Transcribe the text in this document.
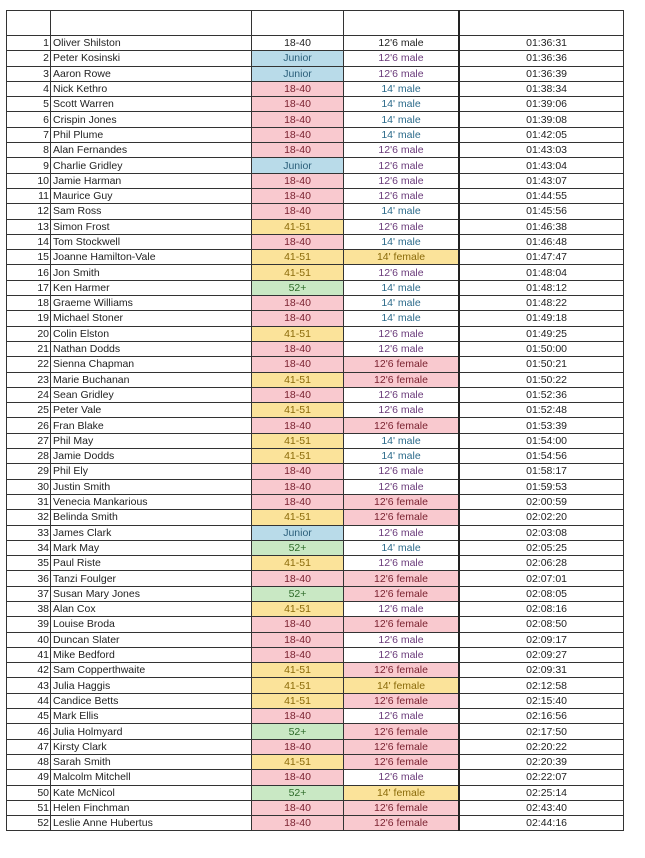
1	Oliver Shilston	18-40	12'6 male	01:36:31
2	Peter Kosinski	Junior	12'6 male	01:36:36
3	Aaron Rowe	Junior	12'6 male	01:36:39
4	Nick Kethro	18-40	14' male	01:38:34
5	Scott Warren	18-40	14' male	01:39:06
6	Crispin Jones	18-40	14' male	01:39:08
7	Phil Plume	18-40	14' male	01:42:05
8	Alan Fernandes	18-40	12'6 male	01:43:03
9	Charlie Gridley	Junior	12'6 male	01:43:04
10	Jamie Harman	18-40	12'6 male	01:43:07
11	Maurice Guy	18-40	12'6 male	01:44:55
12	Sam Ross	18-40	14' male	01:45:56
13	Simon Frost	41-51	12'6 male	01:46:38
14	Tom Stockwell	18-40	14' male	01:46:48
15	Joanne Hamilton-Vale	41-51	14' female	01:47:47
16	Jon Smith	41-51	12'6 male	01:48:04
17	Ken Harmer	52+	14' male	01:48:12
18	Graeme Williams	18-40	14' male	01:48:22
19	Michael Stoner	18-40	14' male	01:49:18
20	Colin Elston	41-51	12'6 male	01:49:25
21	Nathan Dodds	18-40	12'6 male	01:50:00
22	Sienna Chapman	18-40	12'6 female	01:50:21
23	Marie Buchanan	41-51	12'6 female	01:50:22
24	Sean Gridley	18-40	12'6 male	01:52:36
25	Peter Vale	41-51	12'6 male	01:52:48
26	Fran Blake	18-40	12'6 female	01:53:39
27	Phil May	41-51	14' male	01:54:00
28	Jamie Dodds	41-51	14' male	01:54:56
29	Phil Ely	18-40	12'6 male	01:58:17
30	Justin Smith	18-40	12'6 male	01:59:53
31	Venecia Mankarious	18-40	12'6 female	02:00:59
32	Belinda Smith	41-51	12'6 female	02:02:20
33	James Clark	Junior	12'6 male	02:03:08
34	Mark May	52+	14' male	02:05:25
35	Paul Riste	41-51	12'6 male	02:06:28
36	Tanzi Foulger	18-40	12'6 female	02:07:01
37	Susan Mary Jones	52+	12'6 female	02:08:05
38	Alan Cox	41-51	12'6 male	02:08:16
39	Louise Broda	18-40	12'6 female	02:08:50
40	Duncan Slater	18-40	12'6 male	02:09:17
41	Mike Bedford	18-40	12'6 male	02:09:27
42	Sam Copperthwaite	41-51	12'6 female	02:09:31
43	Julia Haggis	41-51	14' female	02:12:58
44	Candice Betts	41-51	12'6 female	02:15:40
45	Mark Ellis	18-40	12'6 male	02:16:56
46	Julia Holmyard	52+	12'6 female	02:17:50
47	Kirsty Clark	18-40	12'6 female	02:20:22
48	Sarah Smith	41-51	12'6 female	02:20:39
49	Malcolm Mitchell	18-40	12'6 male	02:22:07
50	Kate McNicol	52+	14' female	02:25:14
51	Helen Finchman	18-40	12'6 female	02:43:40
52	Leslie Anne Hubertus	18-40	12'6 female	02:44:16
